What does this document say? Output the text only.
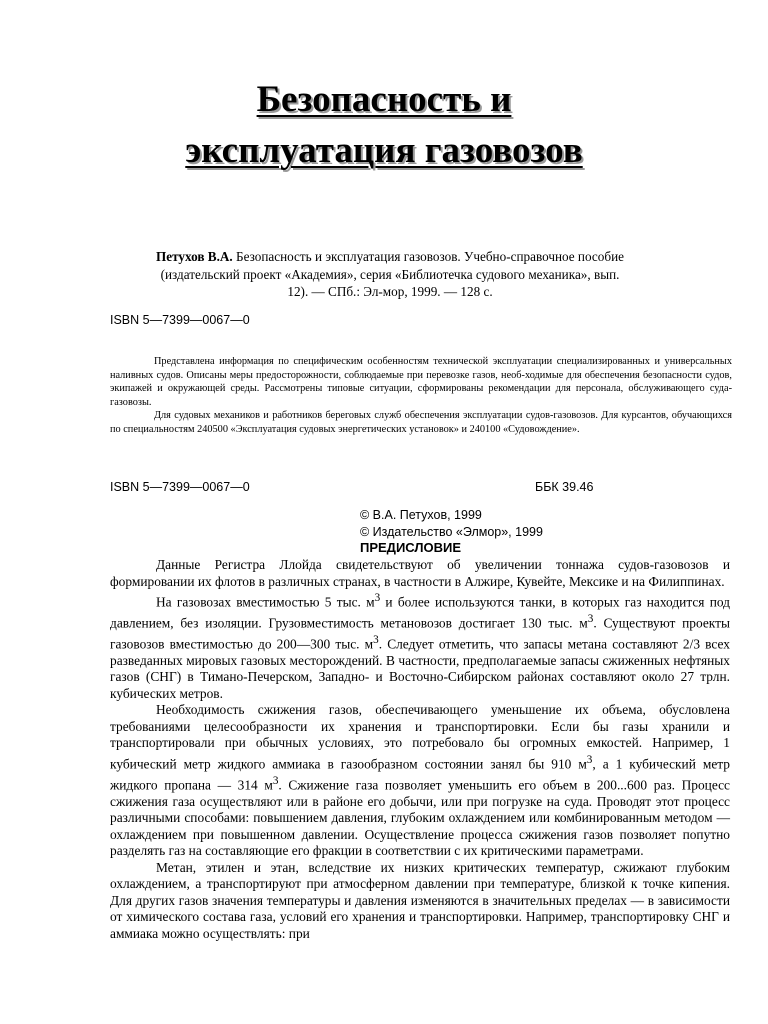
Безопасность и
эксплуатация газовозов
Петухов В.А. Безопасность и эксплуатация газовозов. Учебно-справочное пособие (издательский проект «Академия», серия «Библиотечка судового механика», вып. 12). — СПб.: Эл-мор, 1999. — 128 с.
ISBN 5—7399—0067—0

Представлена информация по специфическим особенностям технической эксплуатации специализированных и универсальных наливных судов. Описаны меры предосторожности, соблюдаемые при перевозке газов, необ-ходимые для обеспечения безопасности судов, экипажей и окружающей среды. Рассмотрены типовые ситуации, сформированы рекомендации для персонала, обслуживающего суда-газовозы.

Для судовых механиков и работников береговых служб обеспечения эксплуатации судов-газовозов. Для курсантов, обучающихся по специальностям 240500 «Эксплуатация судовых энергетических установок» и 240100 «Судовождение».

ISBN 5—7399—0067—0	ББК 39.46
© В.А. Петухов, 1999
© Издательство «Элмор», 1999
ПРЕДИСЛОВИЕ

Данные Регистра Ллойда свидетельствуют об увеличении тоннажа судов-газовозов и формировании их флотов в различных странах, в частности в Алжире, Кувейте, Мексике и на Филиппинах.

На газовозах вместимостью 5 тыс. $м^3$ и более используются танки, в которых газ находится под давлением, без изоляции. Грузовместимость метановозов достигает 130 тыс. $м^3$. Существуют проекты газовозов вместимостью до 200—300 тыс. $м^3$. Следует отметить, что запасы метана составляют 2/3 всех разведанных мировых газовых месторождений. В частности, предполагаемые запасы сжиженных нефтяных газов (СНГ) в Тимано-Печерском, Западно- и Восточно-Сибирском районах составляют около 27 трлн. кубических метров.

Необходимость сжижения газов, обеспечивающего уменьшение их объема, обусловлена требованиями целесообразности их хранения и транспортировки. Если бы газы хранили и транспортировали при обычных условиях, это потребовало бы огромных емкостей. Например, 1 кубический метр жидкого аммиака в газообразном состоянии занял бы 910 $м^3$, а 1 кубический метр жидкого пропана — 314 $м^3$. Сжижение газа позволяет уменьшить его объем в 200...600 раз. Процесс сжижения газа осуществляют или в районе его добычи, или при погрузке на суда. Проводят этот процесс различными способами: повышением давления, глубоким охлаждением или комбинированным методом — охлаждением при повышенном давлении. Осуществление процесса сжижения газов позволяет попутно разделять газ на составляющие его фракции в соответствии с их критическими параметрами.

Метан, этилен и этан, вследствие их низких критических температур, сжижают глубоким охлаждением, а транспортируют при атмосферном давлении при температуре, близкой к точке кипения. Для других газов значения температуры и давления изменяются в значительных пределах — в зависимости от химического состава газа, условий его хранения и транспортировки. Например, транспортировку СНГ и аммиака можно осуществлять: при
